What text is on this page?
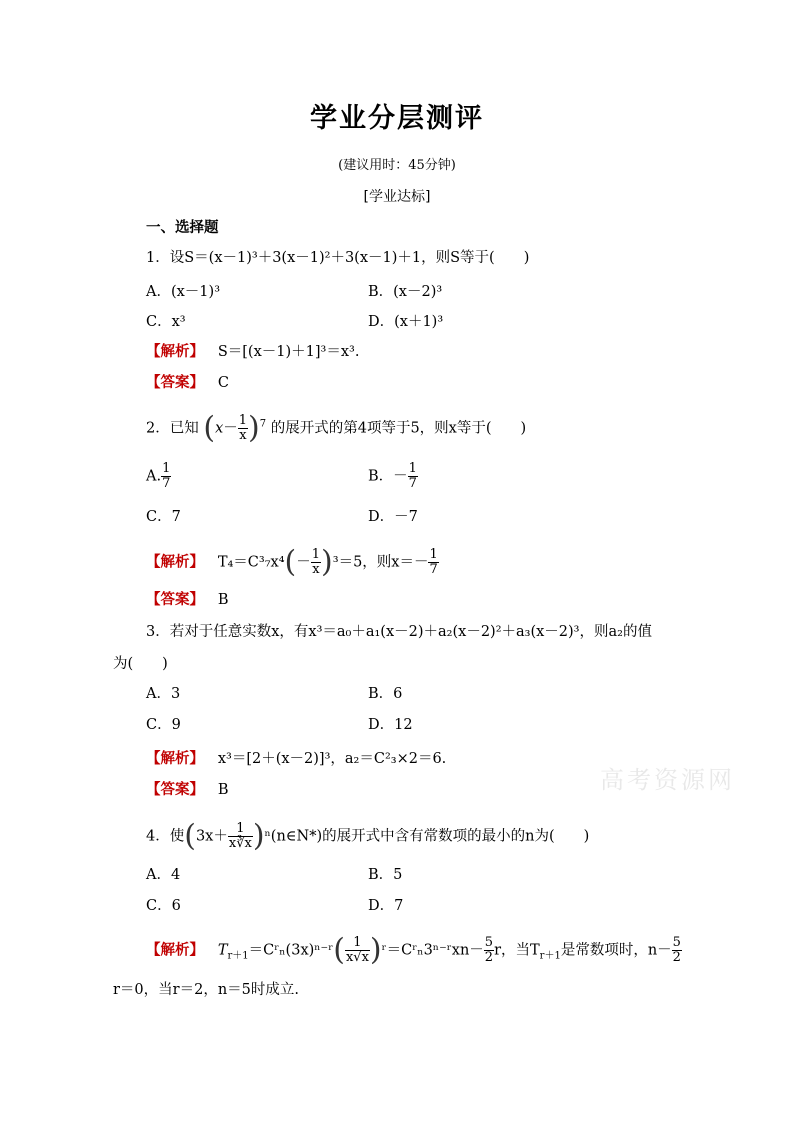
学业分层测评
(建议用时：45分钟)
[学业达标]
一、选择题
1．设S＝(x－1)³＋3(x－1)²＋3(x－1)＋1，则S等于(　　)
A．(x－1)³	B．(x－2)³
C．x³	D．(x＋1)³
【解析】 S＝[(x－1)＋1]³＝x³.
【答案】 C
2．已知 $(x- \frac{1}{x} )^7$ 的展开式的第4项等于5，则x等于(　　)
A. $\frac{1}{7}$	B．－ $\frac{1}{7}$
C．7	D．－7
【解析】 $T_4=C^3_7x^4(- \frac{1}{x} )^3=5$，则$x=- \frac{1}{7}$
【答案】 B
3．若对于任意实数x，有x³＝a₀＋a₁(x－2)＋a₂(x－2)²＋a₃(x－2)³，则a₂的值
为(　　)
A．3	B．6
C．9	D．12
【解析】 x³＝[2＋(x－2)]³，a₂＝C²₃×2＝6.
【答案】 B	高考资源网
4．使($3x+ \frac{1}{x∛x}$ )ⁿ(n∈N*)的展开式中含有常数项的最小的n为(　　)
A．4	B．5
C．6	D．7
【解析】 $T_{r+1}=Cʳ_n(3x)^{n-}ʳ( \frac{1}{x√x}$ )ʳ＝Cʳₙ3ⁿ⁻ʳxn－ $\frac{5}{2}$ r，当$T_{r+1}$是常数项时，$n- \frac{5}{2}$
r＝0，当r＝2，n＝5时成立.
